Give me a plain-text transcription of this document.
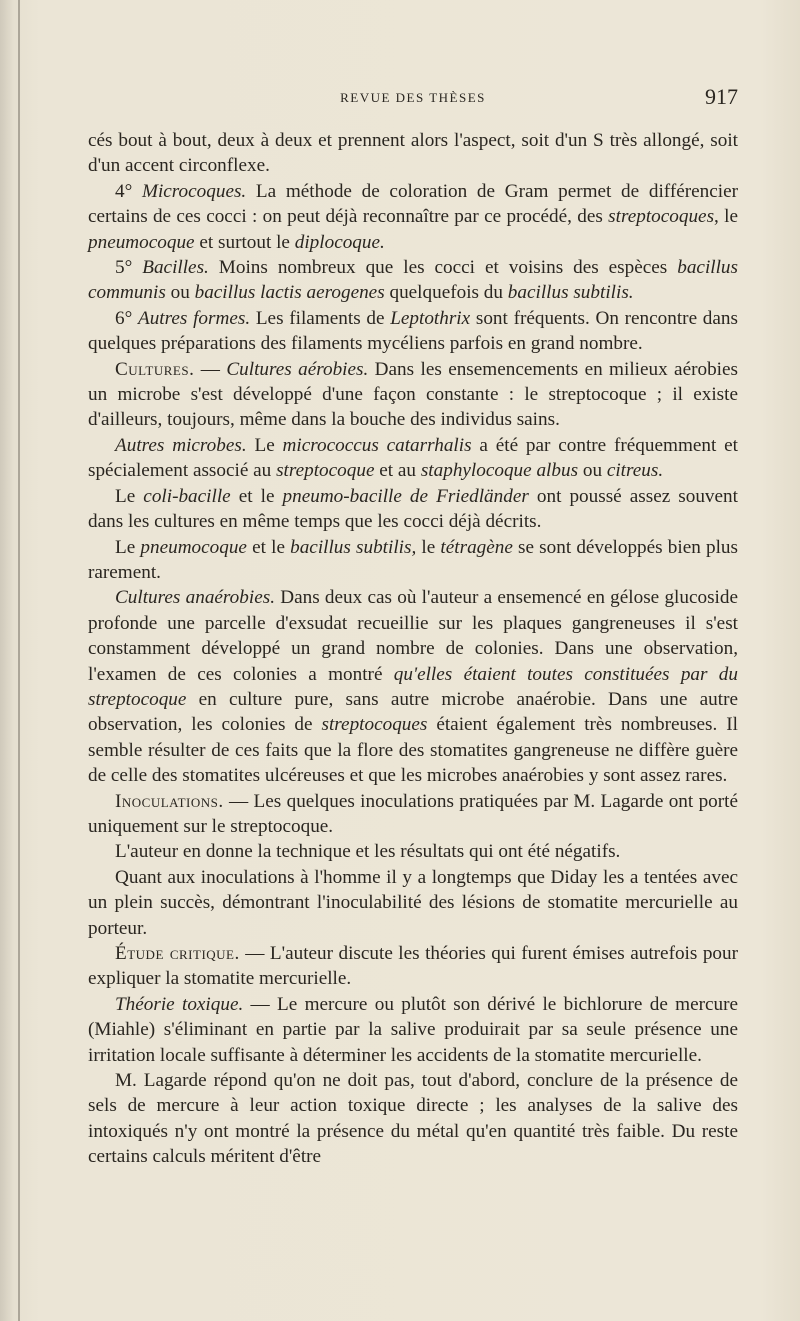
REVUE DES THÈSES	917

cés bout à bout, deux à deux et prennent alors l'aspect, soit d'un S très allongé, soit d'un accent circonflexe.

4° Microcoques. La méthode de coloration de Gram permet de différencier certains de ces cocci : on peut déjà reconnaître par ce procédé, des streptocoques, le pneumocoque et surtout le diplocoque.

5° Bacilles. Moins nombreux que les cocci et voisins des espèces bacillus communis ou bacillus lactis aerogenes quelquefois du bacillus subtilis.

6° Autres formes. Les filaments de Leptothrix sont fréquents. On rencontre dans quelques préparations des filaments mycéliens parfois en grand nombre.

Cultures. — Cultures aérobies. Dans les ensemencements en milieux aérobies un microbe s'est développé d'une façon constante : le streptocoque ; il existe d'ailleurs, toujours, même dans la bouche des individus sains.

Autres microbes. Le micrococcus catarrhalis a été par contre fréquemment et spécialement associé au streptocoque et au staphylocoque albus ou citreus.

Le coli-bacille et le pneumo-bacille de Friedländer ont poussé assez souvent dans les cultures en même temps que les cocci déjà décrits.

Le pneumocoque et le bacillus subtilis, le tétragène se sont développés bien plus rarement.

Cultures anaérobies. Dans deux cas où l'auteur a ensemencé en gélose glucoside profonde une parcelle d'exsudat recueillie sur les plaques gangreneuses il s'est constamment développé un grand nombre de colonies. Dans une observation, l'examen de ces colonies a montré qu'elles étaient toutes constituées par du streptocoque en culture pure, sans autre microbe anaérobie. Dans une autre observation, les colonies de streptocoques étaient également très nombreuses. Il semble résulter de ces faits que la flore des stomatites gangreneuse ne diffère guère de celle des stomatites ulcéreuses et que les microbes anaérobies y sont assez rares.

Inoculations. — Les quelques inoculations pratiquées par M. Lagarde ont porté uniquement sur le streptocoque.

L'auteur en donne la technique et les résultats qui ont été négatifs.

Quant aux inoculations à l'homme il y a longtemps que Diday les a tentées avec un plein succès, démontrant l'inoculabilité des lésions de stomatite mercurielle au porteur.

Étude critique. — L'auteur discute les théories qui furent émises autrefois pour expliquer la stomatite mercurielle.

Théorie toxique. — Le mercure ou plutôt son dérivé le bichlorure de mercure (Miahle) s'éliminant en partie par la salive produirait par sa seule présence une irritation locale suffisante à déterminer les accidents de la stomatite mercurielle.

M. Lagarde répond qu'on ne doit pas, tout d'abord, conclure de la présence de sels de mercure à leur action toxique directe ; les analyses de la salive des intoxiqués n'y ont montré la présence du métal qu'en quantité très faible. Du reste certains calculs méritent d'être
